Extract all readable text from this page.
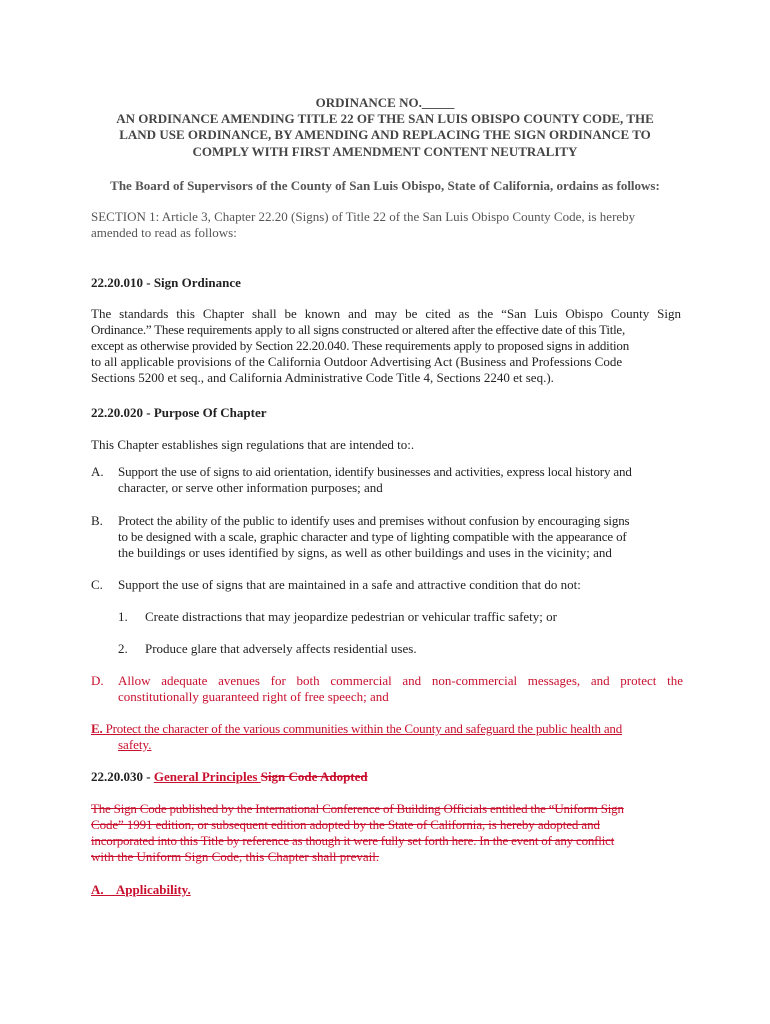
ORDINANCE NO._____
AN ORDINANCE AMENDING TITLE 22 OF THE SAN LUIS OBISPO COUNTY CODE, THE
LAND USE ORDINANCE, BY AMENDING AND REPLACING THE SIGN ORDINANCE TO
COMPLY WITH FIRST AMENDMENT CONTENT NEUTRALITY
The Board of Supervisors of the County of San Luis Obispo, State of California, ordains as follows:
SECTION 1: Article 3, Chapter 22.20 (Signs) of Title 22 of the San Luis Obispo County Code, is hereby
amended to read as follows:
22.20.010 - Sign Ordinance
The standards this Chapter shall be known and may be cited as the “San Luis Obispo County Sign
Ordinance.” These requirements apply to all signs constructed or altered after the effective date of this Title,
except as otherwise provided by Section 22.20.040. These requirements apply to proposed signs in addition
to all applicable provisions of the California Outdoor Advertising Act (Business and Professions Code
Sections 5200 et seq., and California Administrative Code Title 4, Sections 2240 et seq.).
22.20.020 - Purpose Of Chapter
This Chapter establishes sign regulations that are intended to:.
A. Support the use of signs to aid orientation, identify businesses and activities, express local history and
character, or serve other information purposes; and
B. Protect the ability of the public to identify uses and premises without confusion by encouraging signs
to be designed with a scale, graphic character and type of lighting compatible with the appearance of
the buildings or uses identified by signs, as well as other buildings and uses in the vicinity; and
C. Support the use of signs that are maintained in a safe and attractive condition that do not:
1. Create distractions that may jeopardize pedestrian or vehicular traffic safety; or
2. Produce glare that adversely affects residential uses.
D. Allow adequate avenues for both commercial and non-commercial messages, and protect the
constitutionally guaranteed right of free speech; and
E. Protect the character of the various communities within the County and safeguard the public health and
safety.
22.20.030 - General Principles Sign Code Adopted
The Sign Code published by the International Conference of Building Officials entitled the “Uniform Sign
Code” 1991 edition, or subsequent edition adopted by the State of California, is hereby adopted and
incorporated into this Title by reference as though it were fully set forth here. In the event of any conflict
with the Uniform Sign Code, this Chapter shall prevail.
A.    Applicability.
